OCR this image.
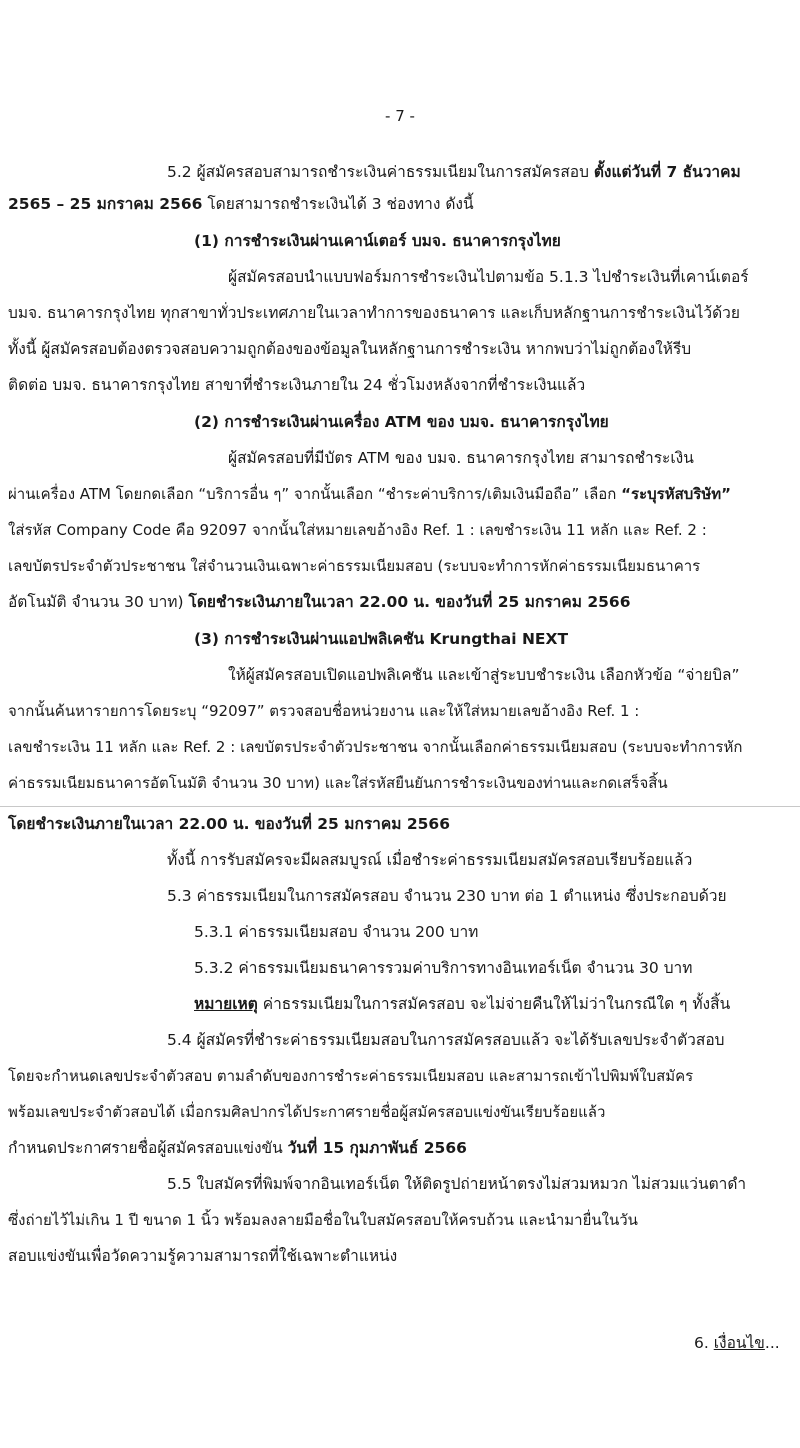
- 7 -
5.2 ผู้สมัครสอบสามารถชำระเงินค่าธรรมเนียมในการสมัครสอบ ตั้งแต่วันที่ 7 ธันวาคม
2565 – 25 มกราคม 2566 โดยสามารถชำระเงินได้ 3 ช่องทาง ดังนี้
(1) การชำระเงินผ่านเคาน์เตอร์ บมจ. ธนาคารกรุงไทย
ผู้สมัครสอบนำแบบฟอร์มการชำระเงินไปตามข้อ 5.1.3 ไปชำระเงินที่เคาน์เตอร์
บมจ. ธนาคารกรุงไทย ทุกสาขาทั่วประเทศภายในเวลาทำการของธนาคาร และเก็บหลักฐานการชำระเงินไว้ด้วย
ทั้งนี้ ผู้สมัครสอบต้องตรวจสอบความถูกต้องของข้อมูลในหลักฐานการชำระเงิน หากพบว่าไม่ถูกต้องให้รีบ
ติดต่อ บมจ. ธนาคารกรุงไทย สาขาที่ชำระเงินภายใน 24 ชั่วโมงหลังจากที่ชำระเงินแล้ว
(2) การชำระเงินผ่านเครื่อง ATM ของ บมจ. ธนาคารกรุงไทย
ผู้สมัครสอบที่มีบัตร ATM ของ บมจ. ธนาคารกรุงไทย สามารถชำระเงิน
ผ่านเครื่อง ATM โดยกดเลือก “บริการอื่น ๆ” จากนั้นเลือก “ชำระค่าบริการ/เติมเงินมือถือ” เลือก “ระบุรหัสบริษัท”
ใส่รหัส Company Code คือ 92097 จากนั้นใส่หมายเลขอ้างอิง Ref. 1 : เลขชำระเงิน 11 หลัก และ Ref. 2 :
เลขบัตรประจำตัวประชาชน ใส่จำนวนเงินเฉพาะค่าธรรมเนียมสอบ (ระบบจะทำการหักค่าธรรมเนียมธนาคาร
อัตโนมัติ จำนวน 30 บาท) โดยชำระเงินภายในเวลา 22.00 น. ของวันที่ 25 มกราคม 2566
(3) การชำระเงินผ่านแอปพลิเคชัน Krungthai NEXT
ให้ผู้สมัครสอบเปิดแอปพลิเคชัน และเข้าสู่ระบบชำระเงิน เลือกหัวข้อ “จ่ายบิล”
จากนั้นค้นหารายการโดยระบุ “92097” ตรวจสอบชื่อหน่วยงาน และให้ใส่หมายเลขอ้างอิง Ref. 1 :
เลขชำระเงิน 11 หลัก และ Ref. 2 : เลขบัตรประจำตัวประชาชน จากนั้นเลือกค่าธรรมเนียมสอบ (ระบบจะทำการหัก
ค่าธรรมเนียมธนาคารอัตโนมัติ จำนวน 30 บาท) และใส่รหัสยืนยันการชำระเงินของท่านและกดเสร็จสิ้น
โดยชำระเงินภายในเวลา 22.00 น. ของวันที่ 25 มกราคม 2566
ทั้งนี้ การรับสมัครจะมีผลสมบูรณ์ เมื่อชำระค่าธรรมเนียมสมัครสอบเรียบร้อยแล้ว
5.3 ค่าธรรมเนียมในการสมัครสอบ จำนวน 230 บาท ต่อ 1 ตำแหน่ง ซึ่งประกอบด้วย
5.3.1 ค่าธรรมเนียมสอบ จำนวน 200 บาท
5.3.2 ค่าธรรมเนียมธนาคารรวมค่าบริการทางอินเทอร์เน็ต จำนวน 30 บาท
หมายเหตุ ค่าธรรมเนียมในการสมัครสอบ จะไม่จ่ายคืนให้ไม่ว่าในกรณีใด ๆ ทั้งสิ้น
5.4 ผู้สมัครที่ชำระค่าธรรมเนียมสอบในการสมัครสอบแล้ว จะได้รับเลขประจำตัวสอบ
โดยจะกำหนดเลขประจำตัวสอบ ตามลำดับของการชำระค่าธรรมเนียมสอบ และสามารถเข้าไปพิมพ์ใบสมัคร
พร้อมเลขประจำตัวสอบได้ เมื่อกรมศิลปากรได้ประกาศรายชื่อผู้สมัครสอบแข่งขันเรียบร้อยแล้ว
กำหนดประกาศรายชื่อผู้สมัครสอบแข่งขัน วันที่ 15 กุมภาพันธ์ 2566
5.5 ใบสมัครที่พิมพ์จากอินเทอร์เน็ต ให้ติดรูปถ่ายหน้าตรงไม่สวมหมวก ไม่สวมแว่นตาดำ
ซึ่งถ่ายไว้ไม่เกิน 1 ปี ขนาด 1 นิ้ว พร้อมลงลายมือชื่อในใบสมัครสอบให้ครบถ้วน และนำมายื่นในวัน
สอบแข่งขันเพื่อวัดความรู้ความสามารถที่ใช้เฉพาะตำแหน่ง
6. เงื่อนไข...
